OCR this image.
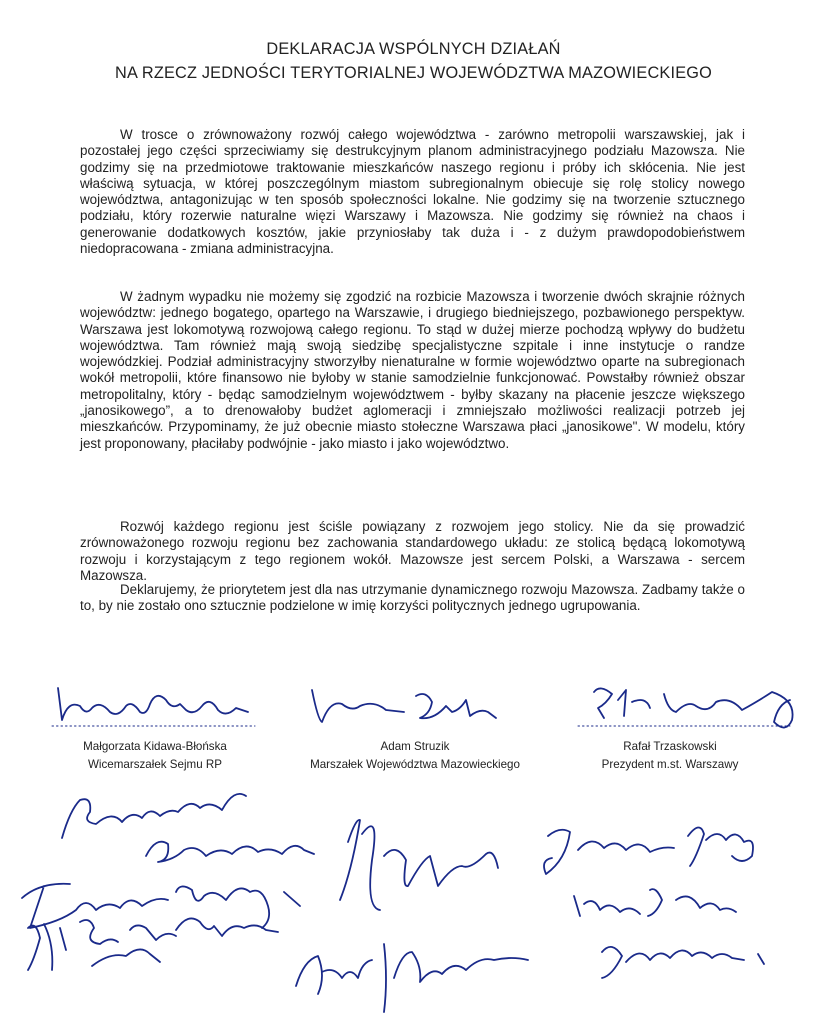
DEKLARACJA WSPÓLNYCH DZIAŁAŃ
NA RZECZ JEDNOŚCI TERYTORIALNEJ WOJEWÓDZTWA MAZOWIECKIEGO

W trosce o zrównoważony rozwój całego województwa - zarówno metropolii warszawskiej, jak i pozostałej jego części sprzeciwiamy się destrukcyjnym planom administracyjnego podziału Mazowsza. Nie godzimy się na przedmiotowe traktowanie mieszkańców naszego regionu i próby ich skłócenia. Nie jest właściwą sytuacja, w której poszczególnym miastom subregionalnym obiecuje się rolę stolicy nowego województwa, antagonizując w ten sposób społeczności lokalne. Nie godzimy się na tworzenie sztucznego podziału, który rozerwie naturalne więzi Warszawy i Mazowsza. Nie godzimy się również na chaos i generowanie dodatkowych kosztów, jakie przyniosłaby tak duża i - z dużym prawdopodobieństwem niedopracowana - zmiana administracyjna.

W żadnym wypadku nie możemy się zgodzić na rozbicie Mazowsza i tworzenie dwóch skrajnie różnych województw: jednego bogatego, opartego na Warszawie, i drugiego biedniejszego, pozbawionego perspektyw. Warszawa jest lokomotywą rozwojową całego regionu. To stąd w dużej mierze pochodzą wpływy do budżetu województwa. Tam również mają swoją siedzibę specjalistyczne szpitale i inne instytucje o randze wojewódzkiej. Podział administracyjny stworzyłby nienaturalne w formie województwo oparte na subregionach wokół metropolii, które finansowo nie byłoby w stanie samodzielnie funkcjonować. Powstałby również obszar metropolitalny, który - będąc samodzielnym województwem - byłby skazany na płacenie jeszcze większego „janosikowego”, a to drenowałoby budżet aglomeracji i zmniejszało możliwości realizacji potrzeb jej mieszkańców. Przypominamy, że już obecnie miasto stołeczne Warszawa płaci „janosikowe". W modelu, który jest proponowany, płaciłaby podwójnie - jako miasto i jako województwo.

Rozwój każdego regionu jest ściśle powiązany z rozwojem jego stolicy. Nie da się prowadzić zrównoważonego rozwoju regionu bez zachowania standardowego układu: ze stolicą będącą lokomotywą rozwoju i korzystającym z tego regionem wokół. Mazowsze jest sercem Polski, a Warszawa - sercem Mazowsza.

Deklarujemy, że priorytetem jest dla nas utrzymanie dynamicznego rozwoju Mazowsza. Zadbamy także o to, by nie zostało ono sztucznie podzielone w imię korzyści politycznych jednego ugrupowania.

Małgorzata Kidawa-Błońska
Wicemarszałek Sejmu RP
Adam Struzik
Marszałek Województwa Mazowieckiego
Rafał Trzaskowski
Prezydent m.st. Warszawy
